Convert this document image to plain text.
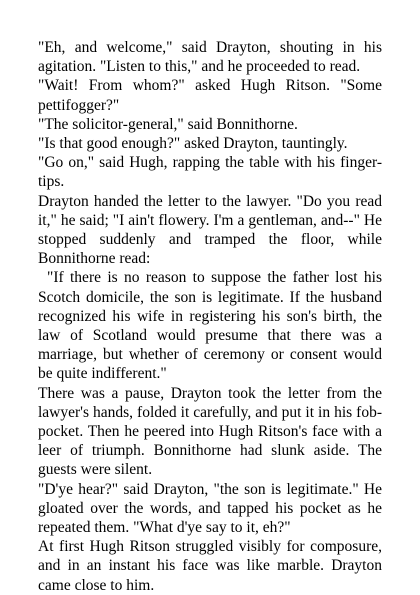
"Eh, and welcome," said Drayton, shouting in his agitation. "Listen to this," and he proceeded to read.

"Wait! From whom?" asked Hugh Ritson. "Some pettifogger?"

"The solicitor-general," said Bonnithorne.

"Is that good enough?" asked Drayton, tauntingly.

"Go on," said Hugh, rapping the table with his finger-tips.

Drayton handed the letter to the lawyer. "Do you read it," he said; "I ain't flowery. I'm a gentleman, and--" He stopped suddenly and tramped the floor, while Bonnithorne read:

"If there is no reason to suppose the father lost his Scotch domicile, the son is legitimate. If the husband recognized his wife in registering his son's birth, the law of Scotland would presume that there was a marriage, but whether of ceremony or consent would be quite indifferent."

There was a pause, Drayton took the letter from the lawyer's hands, folded it carefully, and put it in his fob-pocket. Then he peered into Hugh Ritson's face with a leer of triumph. Bonnithorne had slunk aside. The guests were silent.

"D'ye hear?" said Drayton, "the son is legitimate." He gloated over the words, and tapped his pocket as he repeated them. "What d'ye say to it, eh?"

At first Hugh Ritson struggled visibly for composure, and in an instant his face was like marble. Drayton came close to him.
